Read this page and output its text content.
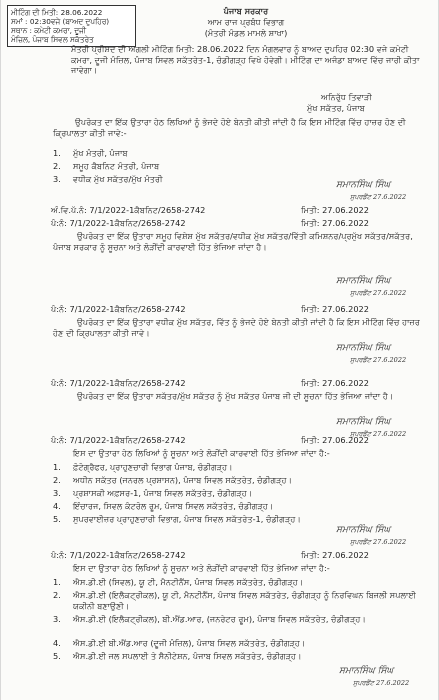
ਮੀਟਿੰਗ ਦੀ ਮਿਤੀ: 28.06.2022
ਸਮਾਂ : 02:30ਵਜੇ (ਬਾਅਦ ਦੁਪਹਿਰ)
ਸਥਾਨ : ਕਮੇਟੀ ਕਮਰਾ, ਦੂਜੀ
ਮੰਜ਼ਿਲ, ਪੰਜਾਬ ਸਿਵਲ ਸਕੱਤਰੇਤ
ਪੰਜਾਬ ਸਰਕਾਰ
ਆਮ ਰਾਜ ਪ੍ਰਬੰਧ ਵਿਭਾਗ
(ਮੰਤਰੀ ਮੰਡਲ ਮਾਮਲੇ ਸ਼ਾਖਾ)
ਮੰਤਰੀ ਪ੍ਰੀਸ਼ਦ ਦੀ ਅਗਲੀ ਮੀਟਿੰਗ ਮਿਤੀ: 28.06.2022 ਦਿਨ ਮੰਗਲਵਾਰ ਨੂੰ ਬਾਅਦ ਦੁਪਹਿਰ 02:30 ਵਜੇ ਕਮੇਟੀ ਕਮਰਾ, ਦੂਜੀ ਮੰਜ਼ਿਲ, ਪੰਜਾਬ ਸਿਵਲ ਸਕੱਤਰੇਤ-1, ਚੰਡੀਗੜ੍ਹ ਵਿਖੇ ਹੋਵੇਗੀ। ਮੀਟਿੰਗ ਦਾ ਅਜੰਡਾ ਬਾਅਦ ਵਿੱਚ ਜਾਰੀ ਕੀਤਾ ਜਾਵੇਗਾ।
ਅਨਿਰੁੱਧ ਤਿਵਾੜੀ
ਮੁੱਖ ਸਕੱਤਰ, ਪੰਜਾਬ
ਉਪਰੋਕਤ ਦਾ ਇੱਕ ਉਤਾਰਾ ਹੇਠ ਲਿਖਿਆਂ ਨੂੰ ਭੇਜਦੇ ਹੋਏ ਬੇਨਤੀ ਕੀਤੀ ਜਾਂਦੀ ਹੈ ਕਿ ਇਸ ਮੀਟਿੰਗ ਵਿੱਚ ਹਾਜ਼ਰ ਹੋਣ ਦੀ ਕ੍ਰਿਪਾਲਤਾ ਕੀਤੀ ਜਾਵੇ:-
1. ਮੁੱਖ ਮੰਤਰੀ, ਪੰਜਾਬ
2. ਸਮੂਹ ਕੈਬਨਿਟ ਮੰਤਰੀ, ਪੰਜਾਬ
3. ਵਧੀਕ ਮੁੱਖ ਸਕੱਤਰ/ਮੁੱਖ ਮੰਤਰੀ
ਸਮਾਨਸਿੰਘ ਸਿੰਘ
ਸੁਪਰਡੈਂਟ 27.6.2022
ਅੰ.ਵਿ.ਪੱ.ਨੰ: 7/1/2022-1ਕੈਬਨਿਟ/2658-2742	ਮਿਤੀ: 27.06.2022
ਪੰ:ਨੰ: 7/1/2022-1ਕੈਬਨਿਟ/2658-2742	ਮਿਤੀ: 27.06.2022
ਉਪਰੋਕਤ ਦਾ ਇੱਕ ਉਤਾਰਾ ਸਮੂਹ ਵਿਸ਼ੇਸ਼ ਮੁੱਖ ਸਕੱਤਰ/ਵਧੀਕ ਮੁੱਖ ਸਕੱਤਰ/ਵਿੱਤੀ ਕਮਿਸ਼ਨਰ/ਪ੍ਰਮੁੱਖ ਸਕੱਤਰ/ਸਕੱਤਰ, ਪੰਜਾਬ ਸਰਕਾਰ ਨੂੰ ਸੂਚਨਾ ਅਤੇ ਲੋੜੀਂਦੀ ਕਾਰਵਾਈ ਹਿੱਤ ਭੇਜਿਆ ਜਾਂਦਾ ਹੈ।
ਸਮਾਨਸਿੰਘ ਸਿੰਘ
ਸੁਪਰਡੈਂਟ 27.6.2022
ਪੰ:ਨੰ: 7/1/2022-1ਕੈਬਨਿਟ/2658-2742	ਮਿਤੀ: 27.06.2022
ਉਪਰੋਕਤ ਦਾ ਇੱਕ ਉਤਾਰਾ ਵਧੀਕ ਮੁੱਖ ਸਕੱਤਰ, ਵਿੱਤ ਨੂੰ ਭੇਜਦੇ ਹੋਏ ਬੇਨਤੀ ਕੀਤੀ ਜਾਂਦੀ ਹੈ ਕਿ ਇਸ ਮੀਟਿੰਗ ਵਿੱਚ ਹਾਜ਼ਰ ਹੋਣ ਦੀ ਕ੍ਰਿਪਾਲਤਾ ਕੀਤੀ ਜਾਵੇ।
ਸਮਾਨਸਿੰਘ ਸਿੰਘ
ਸੁਪਰਡੈਂਟ 27.6.2022
ਪੰ:ਨੰ: 7/1/2022-1ਕੈਬਨਿਟ/2658-2742	ਮਿਤੀ: 27.06.2022
ਉਪਰੋਕਤ ਦਾ ਇੱਕ ਉਤਾਰਾ ਸਕੱਤਰ/ਮੁੱਖ ਸਕੱਤਰ ਨੂੰ ਮੁੱਖ ਸਕੱਤਰ ਪੰਜਾਬ ਜੀ ਦੀ ਸੂਚਨਾ ਹਿੱਤ ਭੇਜਿਆ ਜਾਂਦਾ ਹੈ।
ਸਮਾਨਸਿੰਘ ਸਿੰਘ
ਸੁਪਰਡੈਂਟ 27.6.2022
ਪੰ:ਨੰ: 7/1/2022-1ਕੈਬਨਿਟ/2658-2742	ਮਿਤੀ: 27.06.2022
ਇਸ ਦਾ ਉਤਾਰਾ ਹੇਠ ਲਿਖਿਆਂ ਨੂੰ ਸੂਚਨਾ ਅਤੇ ਲੋੜੀਂਦੀ ਕਾਰਵਾਈ ਹਿੱਤ ਭੇਜਿਆ ਜਾਂਦਾ ਹੈ:-
1. ਫ਼ੋਟੋਗ੍ਰੈਫਰ, ਪ੍ਰਾਹੁਣਚਾਰੀ ਵਿਭਾਗ ਪੰਜਾਬ, ਚੰਡੀਗੜ੍ਹ।
2. ਅਧੀਨ ਸਕੱਤਰ (ਜਨਰਲ ਪ੍ਰਸ਼ਾਸਨ), ਪੰਜਾਬ ਸਿਵਲ ਸਕੱਤਰੇਤ, ਚੰਡੀਗੜ੍ਹ।
3. ਪ੍ਰਸ਼ਾਸਕੀ ਅਫ਼ਸਰ-1, ਪੰਜਾਬ ਸਿਵਲ ਸਕੱਤਰੇਤ, ਚੰਡੀਗੜ੍ਹ।
4. ਇੰਚਾਰਜ, ਸਿਵਲ ਕੰਟਰੋਲ ਰੂਮ, ਪੰਜਾਬ ਸਿਵਲ ਸਕੱਤਰੇਤ, ਚੰਡੀਗੜ੍ਹ।
5. ਸੁਪਰਵਾਈਜ਼ਰ ਪ੍ਰਾਹੁਣਚਾਰੀ ਵਿਭਾਗ, ਪੰਜਾਬ ਸਿਵਲ ਸਕੱਤਰੇਤ-1, ਚੰਡੀਗੜ੍ਹ।
ਸਮਾਨਸਿੰਘ ਸਿੰਘ
ਸੁਪਰਡੈਂਟ 27.6.2022
ਪੰ:ਨੰ: 7/1/2022-1ਕੈਬਨਿਟ/2658-2742	ਮਿਤੀ: 27.06.2022
ਇਸ ਦਾ ਉਤਾਰਾ ਹੇਠ ਲਿਖਿਆਂ ਨੂੰ ਸੂਚਨਾ ਅਤੇ ਲੋੜੀਂਦੀ ਕਾਰਵਾਈ ਹਿੱਤ ਭੇਜਿਆ ਜਾਂਦਾ ਹੈ:-
1. ਐਸ.ਡੀ.ਈ (ਸਿਵਲ), ਯੂ ਟੀ, ਮੈਨਟੀਨੈਂਸ, ਪੰਜਾਬ ਸਿਵਲ ਸਕੱਤਰੇਤ, ਚੰਡੀਗੜ੍ਹ।
2. ਐਸ.ਡੀ.ਈ (ਇਲੈਕਟ੍ਰੀਕਲ), ਯੂ ਟੀ, ਮੈਨਟੀਨੈਂਸ, ਪੰਜਾਬ ਸਿਵਲ ਸਕੱਤਰੇਤ, ਚੰਡੀਗੜ੍ਹ ਨੂੰ ਨਿਰਵਿਘਨ ਬਿਜਲੀ ਸਪਲਾਈ ਯਕੀਨੀ ਬਣਾਉਣੀ।
3. ਐਸ.ਡੀ.ਈ (ਇਲੈਕਟ੍ਰੀਕਲ), ਬੀ.ਐਂਡ.ਆਰ, (ਜਨਰੇਟਰ ਰੂਮ), ਪੰਜਾਬ ਸਿਵਲ ਸਕੱਤਰੇਤ, ਚੰਡੀਗੜ੍ਹ।
4. ਐਸ.ਡੀ.ਈ ਬੀ.ਐਂਡ.ਆਰ (ਦੂਜੀ ਮੰਜ਼ਿਲ), ਪੰਜਾਬ ਸਿਵਲ ਸਕੱਤਰੇਤ, ਚੰਡੀਗੜ੍ਹ।
5. ਐਸ.ਡੀ.ਈ ਜਲ ਸਪਲਾਈ ਤੇ ਸੈਨੀਟੇਸ਼ਨ, ਪੰਜਾਬ ਸਿਵਲ ਸਕੱਤਰੇਤ, ਚੰਡੀਗੜ੍ਹ।
ਸਮਾਨਸਿੰਘ ਸਿੰਘ
ਸੁਪਰਡੈਂਟ 27.6.2022
